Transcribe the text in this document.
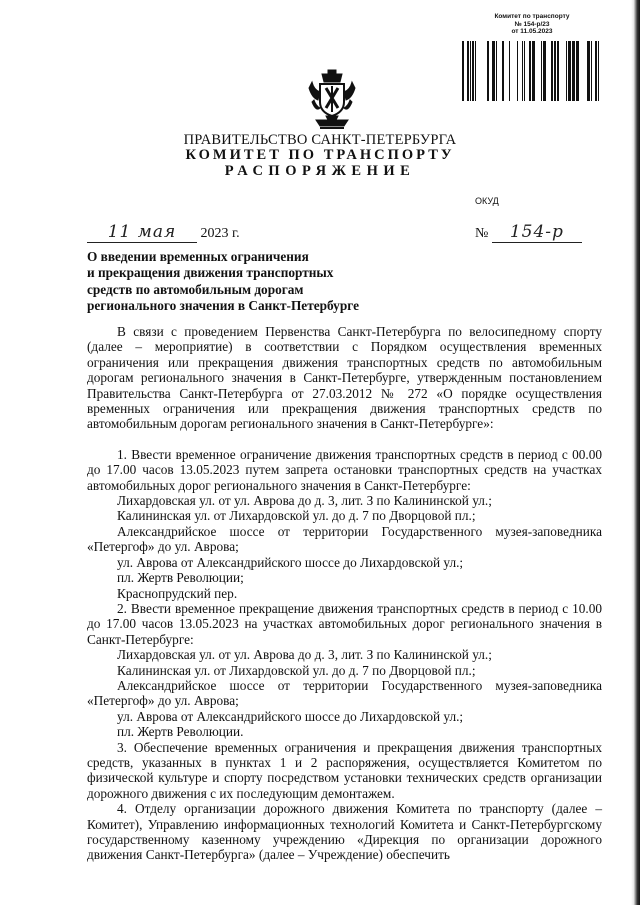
Комитет по транспорту
№ 154-р/23
от 11.05.2023
ПРАВИТЕЛЬСТВО САНКТ-ПЕТЕРБУРГА
КОМИТЕТ ПО ТРАНСПОРТУ
РАСПОРЯЖЕНИЕ
ОКУД
11 мая 2023 г.	№ 154-р
О введении временных ограничения
и прекращения движения транспортных
средств по автомобильным дорогам
регионального значения в Санкт-Петербурге

В связи с проведением Первенства Санкт-Петербурга по велосипедному спорту (далее – мероприятие) в соответствии с Порядком осуществления временных ограничения или прекращения движения транспортных средств по автомобильным дорогам регионального значения в Санкт-Петербурге, утвержденным постановлением Правительства Санкт-Петербурга от 27.03.2012 № 272 «О порядке осуществления временных ограничения или прекращения движения транспортных средств по автомобильным дорогам регионального значения в Санкт-Петербурге»:

1. Ввести временное ограничение движения транспортных средств в период с 00.00 до 17.00 часов 13.05.2023 путем запрета остановки транспортных средств на участках автомобильных дорог регионального значения в Санкт-Петербурге:

Лихардовская ул. от ул. Аврова до д. 3, лит. З по Калининской ул.;

Калининская ул. от Лихардовской ул. до д. 7 по Дворцовой пл.;

Александрийское шоссе от территории Государственного музея-заповедника «Петергоф» до ул. Аврова;

ул. Аврова от Александрийского шоссе до Лихардовской ул.;

пл. Жертв Революции;

Краснопрудский пер.

2. Ввести временное прекращение движения транспортных средств в период с 10.00 до 17.00 часов 13.05.2023 на участках автомобильных дорог регионального значения в Санкт-Петербурге:

Лихардовская ул. от ул. Аврова до д. 3, лит. З по Калининской ул.;

Калининская ул. от Лихардовской ул. до д. 7 по Дворцовой пл.;

Александрийское шоссе от территории Государственного музея-заповедника «Петергоф» до ул. Аврова;

ул. Аврова от Александрийского шоссе до Лихардовской ул.;

пл. Жертв Революции.

3. Обеспечение временных ограничения и прекращения движения транспортных средств, указанных в пунктах 1 и 2 распоряжения, осуществляется Комитетом по физической культуре и спорту посредством установки технических средств организации дорожного движения с их последующим демонтажем.

4. Отделу организации дорожного движения Комитета по транспорту (далее – Комитет), Управлению информационных технологий Комитета и Санкт-Петербургскому государственному казенному учреждению «Дирекция по организации дорожного движения Санкт-Петербурга» (далее – Учреждение) обеспечить
